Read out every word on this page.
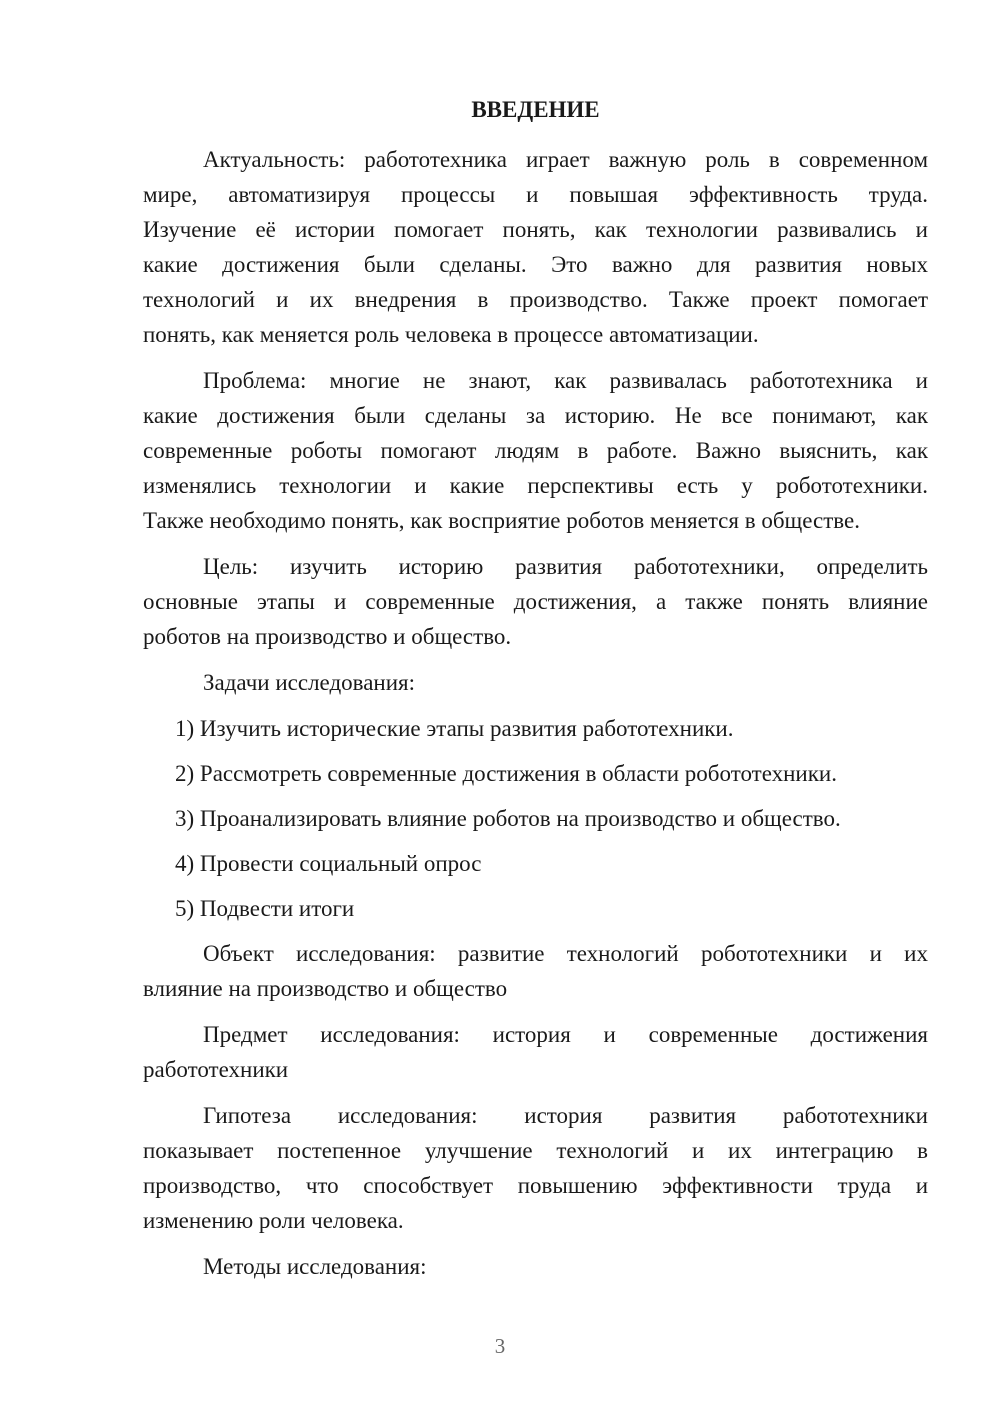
ВВЕДЕНИЕ
Актуальность: работотехника играет важную роль в современном
мире, автоматизируя процессы и повышая эффективность труда.
Изучение её истории помогает понять, как технологии развивались и
какие достижения были сделаны. Это важно для развития новых
технологий и их внедрения в производство. Также проект помогает
понять, как меняется роль человека в процессе автоматизации.
Проблема: многие не знают, как развивалась работотехника и
какие достижения были сделаны за историю. Не все понимают, как
современные роботы помогают людям в работе. Важно выяснить, как
изменялись технологии и какие перспективы есть у робототехники.
Также необходимо понять, как восприятие роботов меняется в обществе.
Цель: изучить историю развития работотехники, определить
основные этапы и современные достижения, а также понять влияние
роботов на производство и общество.
Задачи исследования:
1) Изучить исторические этапы развития работотехники.
2) Рассмотреть современные достижения в области робототехники.
3) Проанализировать влияние роботов на производство и общество.
4) Провести социальный опрос
5) Подвести итоги
Объект исследования: развитие технологий робототехники и их
влияние на производство и общество
Предмет исследования: история и современные достижения
работотехники
Гипотеза исследования: история развития работотехники
показывает постепенное улучшение технологий и их интеграцию в
производство, что способствует повышению эффективности труда и
изменению роли человека.
Методы исследования:
3
